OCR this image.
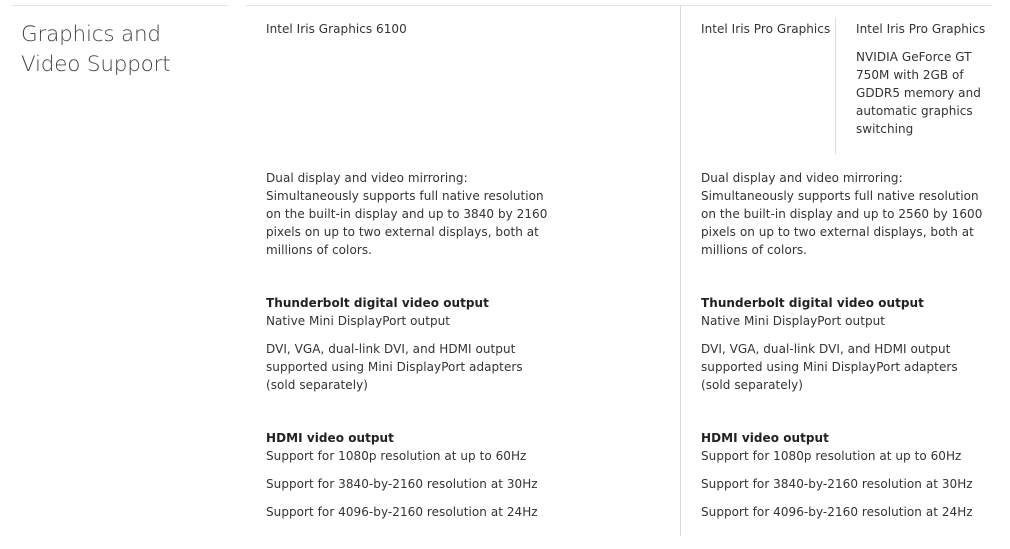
Graphics and
Video Support

Intel Iris Graphics 6100

Dual display and video mirroring:

Simultaneously supports full native resolution

on the built-in display and up to 3840 by 2160

pixels on up to two external displays, both at

millions of colors.

Thunderbolt digital video output

Native Mini DisplayPort output

DVI, VGA, dual-link DVI, and HDMI output

supported using Mini DisplayPort adapters

(sold separately)

HDMI video output

Support for 1080p resolution at up to 60Hz

Support for 3840-by-2160 resolution at 30Hz

Support for 4096-by-2160 resolution at 24Hz

Intel Iris Pro Graphics Intel Iris Pro Graphics

NVIDIA GeForce GT

750M with 2GB of

GDDR5 memory and

automatic graphics

switching

Dual display and video mirroring:

Simultaneously supports full native resolution

on the built-in display and up to 2560 by 1600

pixels on up to two external displays, both at

millions of colors.

Thunderbolt digital video output

Native Mini DisplayPort output

DVI, VGA, dual-link DVI, and HDMI output

supported using Mini DisplayPort adapters

(sold separately)

HDMI video output

Support for 1080p resolution at up to 60Hz

Support for 3840-by-2160 resolution at 30Hz

Support for 4096-by-2160 resolution at 24Hz
